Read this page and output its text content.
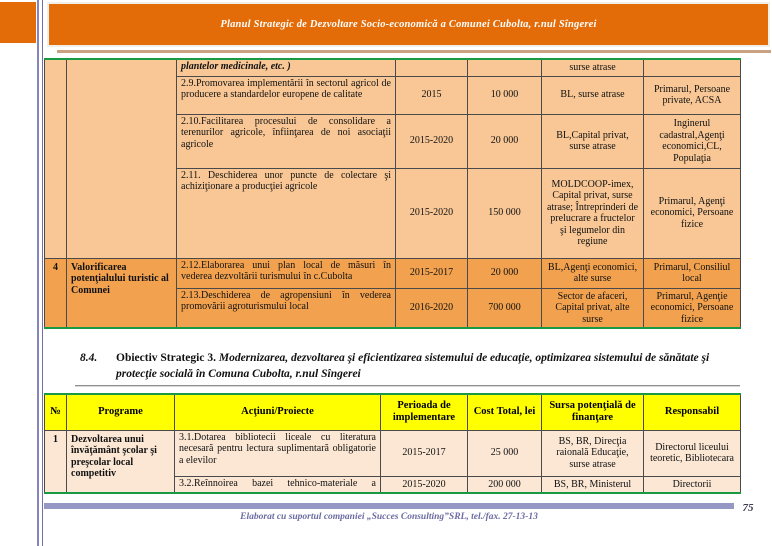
Planul Strategic de Dezvoltare Socio-economică a Comunei Cubolta, r.nul Sîngerei
		plantelor medicinale, etc. )			surse atrase	
		2.9.Promovarea implementării în sectorul agricol de producere a standardelor europene de calitate	2015	10 000	BL, surse atrase	Primarul, Persoane private, ACSA
		2.10.Facilitarea procesului de consolidare a terenurilor agricole, înfiinţarea de noi asociaţii agricole	2015-2020	20 000	BL,Capital privat, surse atrase	Inginerul cadastral,Agenţi economici,CL, Populaţia
		2.11. Deschiderea unor puncte de colectare şi achiziţionare a producţiei agricole	2015-2020	150 000	MOLDCOOP-imex, Capital privat, surse atrase; Întreprinderi de prelucrare a fructelor şi legumelor din regiune	Primarul, Agenţi economici, Persoane fizice
4	Valorificarea potenţialului turistic al Comunei	2.12.Elaborarea unui plan local de măsuri în vederea dezvoltării turismului în c.Cubolta	2015-2017	20 000	BL,Agenţi economici, alte surse	Primarul, Consiliul local
		2.13.Deschiderea de agropensiuni în vederea promovării agroturismului local	2016-2020	700 000	Sector de afaceri, Capital privat, alte surse	Primarul, Agenţie economici, Persoane fizice
8.4.	Obiectiv Strategic 3. Modernizarea, dezvoltarea şi eficientizarea sistemului de educaţie, optimizarea sistemului de sănătate şi protecţie socială în Comuna Cubolta, r.nul Sîngerei
№	Programe	Acţiuni/Proiecte	Perioada de implementare	Cost Total, lei	Sursa potenţială de finanţare	Responsabil
1	Dezvoltarea unui învăţământ şcolar şi preşcolar local competitiv	3.1.Dotarea bibliotecii liceale cu literatura necesară pentru lectura suplimentară obligatorie a elevilor	2015-2017	25 000	BS, BR, Direcţia raională Educaţie, surse atrase	Directorul liceului teoretic, Bibliotecara
		3.2.Reînnoirea bazei tehnico-materiale a	2015-2020	200 000	BS, BR, Ministerul	Directorii
75
Elaborat cu suportul companiei „Succes Consulting”SRL, tel./fax. 27-13-13
